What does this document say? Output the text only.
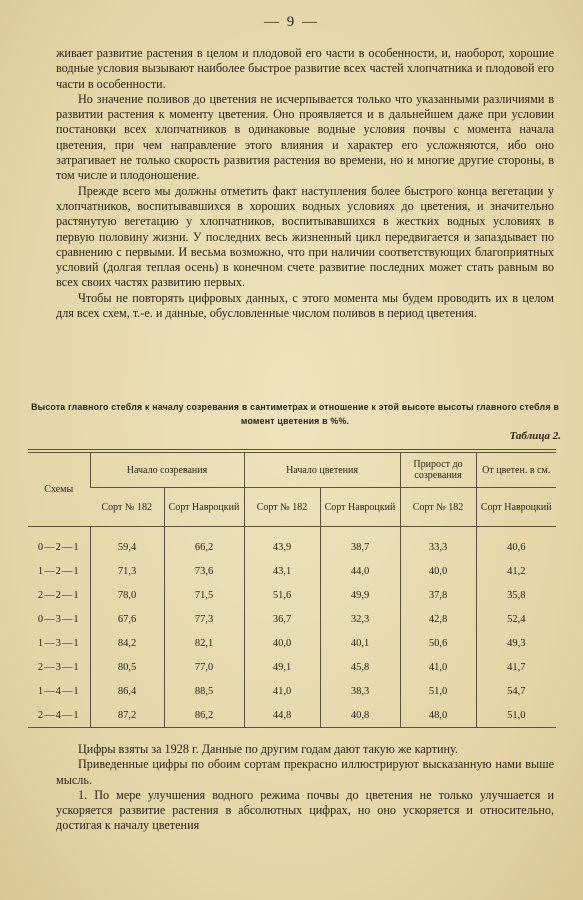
— 9 —

живает развитие растения в целом и плодовой его части в особенности, и, наоборот, хорошие водные условия вызывают наиболее быстрое развитие всех частей хлопчатника и плодовой его части в особенности.

Но значение поливов до цветения не исчерпывается только что указанными различиями в развитии растения к моменту цветения. Оно проявляется и в дальнейшем даже при условии постановки всех хлопчатников в одинаковые водные условия почвы с момента начала цветения, при чем направление этого влияния и характер его усложняются, ибо оно затрагивает не только скорость развития растения во времени, но и многие другие стороны, в том числе и плодоношение.

Прежде всего мы должны отметить факт наступления более быстрого конца вегетации у хлопчатников, воспитывавшихся в хороших водных условиях до цветения, и значительно растянутую вегетацию у хлопчатников, воспитывавшихся в жестких водных условиях в первую половину жизни. У последних весь жизненный цикл передвигается и запаздывает по сравнению с первыми. И весьма возможно, что при наличии соответствующих благоприятных условий (долгая теплая осень) в конечном счете развитие последних может стать равным во всех своих частях развитию первых.

Чтобы не повторять цифровых данных, с этого момента мы будем проводить их в целом для всех схем, т.-е. и данные, обусловленные числом поливов в период цветения.

Высота главного стебля к началу созревания в сантиметрах и отношение к этой высоте высоты главного стебля в момент цветения в %%.
Таблица 2.
Схемы	Начало созревания		Начало цветения		Прирост до созревания	От цветен. в см.
	Сорт № 182	Сорт Навроцкий	Сорт № 182	Сорт Навроцкий	Сорт № 182	Сорт Навроцкий
0—2—1	59,4	66,2	43,9	38,7	33,3	40,6
1—2—1	71,3	73,6	43,1	44,0	40,0	41,2
2—2—1	78,0	71,5	51,6	49,9	37,8	35,8
0—3—1	67,6	77,3	36,7	32,3	42,8	52,4
1—3—1	84,2	82,1	40,0	40,1	50,6	49,3
2—3—1	80,5	77,0	49,1	45,8	41,0	41,7
1—4—1	86,4	88,5	41,0	38,3	51,0	54,7
2—4—1	87,2	86,2	44,8	40,8	48,0	51,0

Цифры взяты за 1928 г. Данные по другим годам дают такую же картину.

Приведенные цифры по обоим сортам прекрасно иллюстрируют высказанную нами выше мысль.

1. По мере улучшения водного режима почвы до цветения не только улучшается и ускоряется развитие растения в абсолютных цифрах, но оно ускоряется и относительно, достигая к началу цветения
